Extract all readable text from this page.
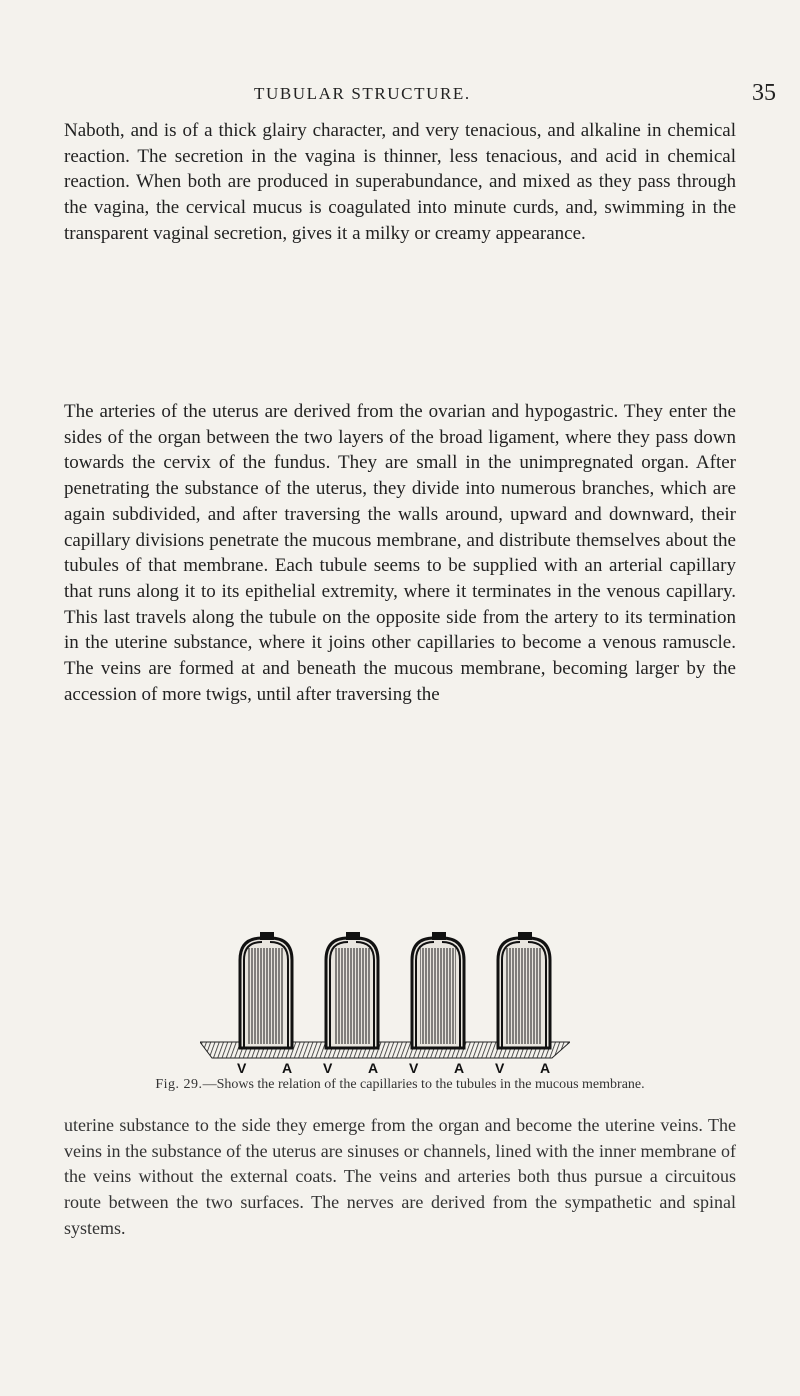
TUBULAR STRUCTURE.	35

Naboth, and is of a thick glairy character, and very tenacious, and alkaline in chemical reaction. The secretion in the vagina is thinner, less tenacious, and acid in chemical reaction. When both are produced in superabundance, and mixed as they pass through the vagina, the cervical mucus is coagulated into minute curds, and, swimming in the transparent vaginal secretion, gives it a milky or creamy appearance.

The arteries of the uterus are derived from the ovarian and hypogastric. They enter the sides of the organ between the two layers of the broad ligament, where they pass down towards the cervix of the fundus. They are small in the unimpregnated organ. After penetrating the substance of the uterus, they divide into numerous branches, which are again subdivided, and after traversing the walls around, upward and downward, their capillary divisions penetrate the mucous membrane, and distribute themselves about the tubules of that membrane. Each tubule seems to be supplied with an arterial capillary that runs along it to its epithelial extremity, where it terminates in the venous capillary. This last travels along the tubule on the opposite side from the artery to its termination in the uterine substance, where it joins other capillaries to become a venous ramuscle. The veins are formed at and beneath the mucous membrane, becoming larger by the accession of more twigs, until after traversing the

V	A V	A V	A V	A
Fig. 29.—Shows the relation of the capillaries to the tubules in the mucous membrane.

uterine substance to the side they emerge from the organ and become the uterine veins. The veins in the substance of the uterus are sinuses or channels, lined with the inner membrane of the veins without the external coats. The veins and arteries both thus pursue a circuitous route between the two surfaces. The nerves are derived from the sympathetic and spinal systems.
